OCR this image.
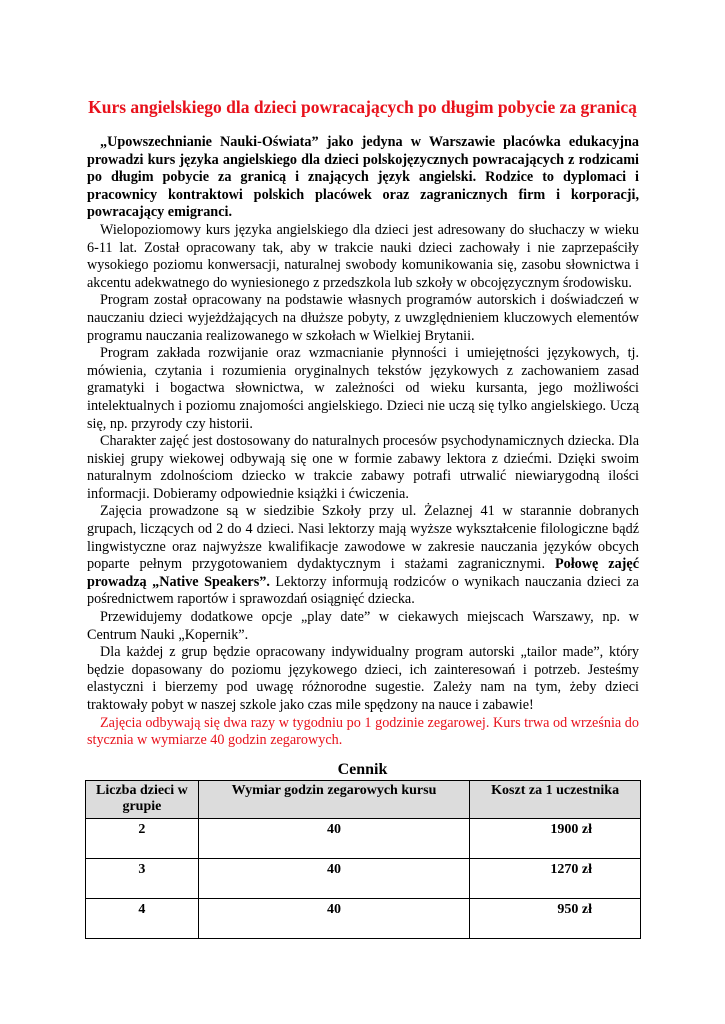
Kurs angielskiego dla dzieci powracających po długim pobycie za granicą

„Upowszechnianie Nauki-Oświata” jako jedyna w Warszawie placówka edukacyjna prowadzi kurs języka angielskiego dla dzieci polskojęzycznych powracających z rodzicami po długim pobycie za granicą i znających język angielski. Rodzice to dyplomaci i pracownicy kontraktowi polskich placówek oraz zagranicznych firm i korporacji, powracający emigranci.

Wielopoziomowy kurs języka angielskiego dla dzieci jest adresowany do słuchaczy w wieku 6-11 lat. Został opracowany tak, aby w trakcie nauki dzieci zachowały i nie zaprzepaściły wysokiego poziomu konwersacji, naturalnej swobody komunikowania się, zasobu słownictwa i akcentu adekwatnego do wyniesionego z przedszkola lub szkoły w obcojęzycznym środowisku.

Program został opracowany na podstawie własnych programów autorskich i doświadczeń w nauczaniu dzieci wyjeżdżających na dłuższe pobyty, z uwzględnieniem kluczowych elementów programu nauczania realizowanego w szkołach w Wielkiej Brytanii.

Program zakłada rozwijanie oraz wzmacnianie płynności i umiejętności językowych, tj. mówienia, czytania i rozumienia oryginalnych tekstów językowych z zachowaniem zasad gramatyki i bogactwa słownictwa, w zależności od wieku kursanta, jego możliwości intelektualnych i poziomu znajomości angielskiego. Dzieci nie uczą się tylko angielskiego. Uczą się, np. przyrody czy historii.

Charakter zajęć jest dostosowany do naturalnych procesów psychodynamicznych dziecka. Dla niskiej grupy wiekowej odbywają się one w formie zabawy lektora z dziećmi. Dzięki swoim naturalnym zdolnościom dziecko w trakcie zabawy potrafi utrwalić niewiarygodną ilości informacji. Dobieramy odpowiednie książki i ćwiczenia.

Zajęcia prowadzone są w siedzibie Szkoły przy ul. Żelaznej 41 w starannie dobranych grupach, liczących od 2 do 4 dzieci. Nasi lektorzy mają wyższe wykształcenie filologiczne bądź lingwistyczne oraz najwyższe kwalifikacje zawodowe w zakresie nauczania języków obcych poparte pełnym przygotowaniem dydaktycznym i stażami zagranicznymi. Połowę zajęć prowadzą „Native Speakers”. Lektorzy informują rodziców o wynikach nauczania dzieci za pośrednictwem raportów i sprawozdań osiągnięć dziecka.

Przewidujemy dodatkowe opcje „play date” w ciekawych miejscach Warszawy, np. w Centrum Nauki „Kopernik”.

Dla każdej z grup będzie opracowany indywidualny program autorski „tailor made”, który będzie dopasowany do poziomu językowego dzieci, ich zainteresowań i potrzeb. Jesteśmy elastyczni i bierzemy pod uwagę różnorodne sugestie. Zależy nam na tym, żeby dzieci traktowały pobyt w naszej szkole jako czas mile spędzony na nauce i zabawie!

Zajęcia odbywają się dwa razy w tygodniu po 1 godzinie zegarowej. Kurs trwa od września do stycznia w wymiarze 40 godzin zegarowych.

Cennik
Liczba dzieci w grupie	Wymiar godzin zegarowych kursu	Koszt za 1 uczestnika
2	40	1900 zł
3	40	1270 zł
4	40	950 zł
